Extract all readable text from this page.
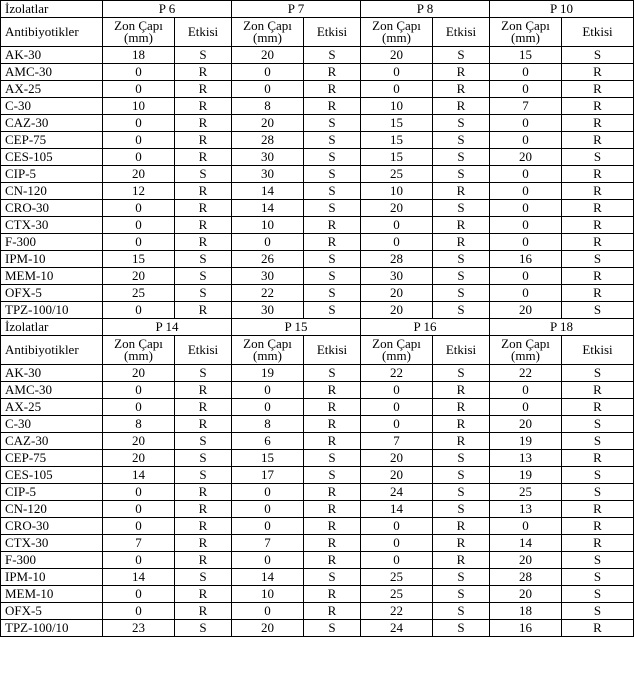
İzolatlar	P 6		P 7		P 8		P 10	
Antibiyotikler	Zon Çapı (mm)	Etkisi	Zon Çapı (mm)	Etkisi	Zon Çapı (mm)	Etkisi	Zon Çapı (mm)	Etkisi
AK-30	18	S	20	S	20	S	15	S
AMC-30	0	R	0	R	0	R	0	R
AX-25	0	R	0	R	0	R	0	R
C-30	10	R	8	R	10	R	7	R
CAZ-30	0	R	20	S	15	S	0	R
CEP-75	0	R	28	S	15	S	0	R
CES-105	0	R	30	S	15	S	20	S
CIP-5	20	S	30	S	25	S	0	R
CN-120	12	R	14	S	10	R	0	R
CRO-30	0	R	14	S	20	S	0	R
CTX-30	0	R	10	R	0	R	0	R
F-300	0	R	0	R	0	R	0	R
IPM-10	15	S	26	S	28	S	16	S
MEM-10	20	S	30	S	30	S	0	R
OFX-5	25	S	22	S	20	S	0	R
TPZ-100/10	0	R	30	S	20	S	20	S
İzolatlar	P 14		P 15		P 16		P 18	
Antibiyotikler	Zon Çapı (mm)	Etkisi	Zon Çapı (mm)	Etkisi	Zon Çapı (mm)	Etkisi	Zon Çapı (mm)	Etkisi
AK-30	20	S	19	S	22	S	22	S
AMC-30	0	R	0	R	0	R	0	R
AX-25	0	R	0	R	0	R	0	R
C-30	8	R	8	R	0	R	20	S
CAZ-30	20	S	6	R	7	R	19	S
CEP-75	20	S	15	S	20	S	13	R
CES-105	14	S	17	S	20	S	19	S
CIP-5	0	R	0	R	24	S	25	S
CN-120	0	R	0	R	14	S	13	R
CRO-30	0	R	0	R	0	R	0	R
CTX-30	7	R	7	R	0	R	14	R
F-300	0	R	0	R	0	R	20	S
IPM-10	14	S	14	S	25	S	28	S
MEM-10	0	R	10	R	25	S	20	S
OFX-5	0	R	0	R	22	S	18	S
TPZ-100/10	23	S	20	S	24	S	16	R
